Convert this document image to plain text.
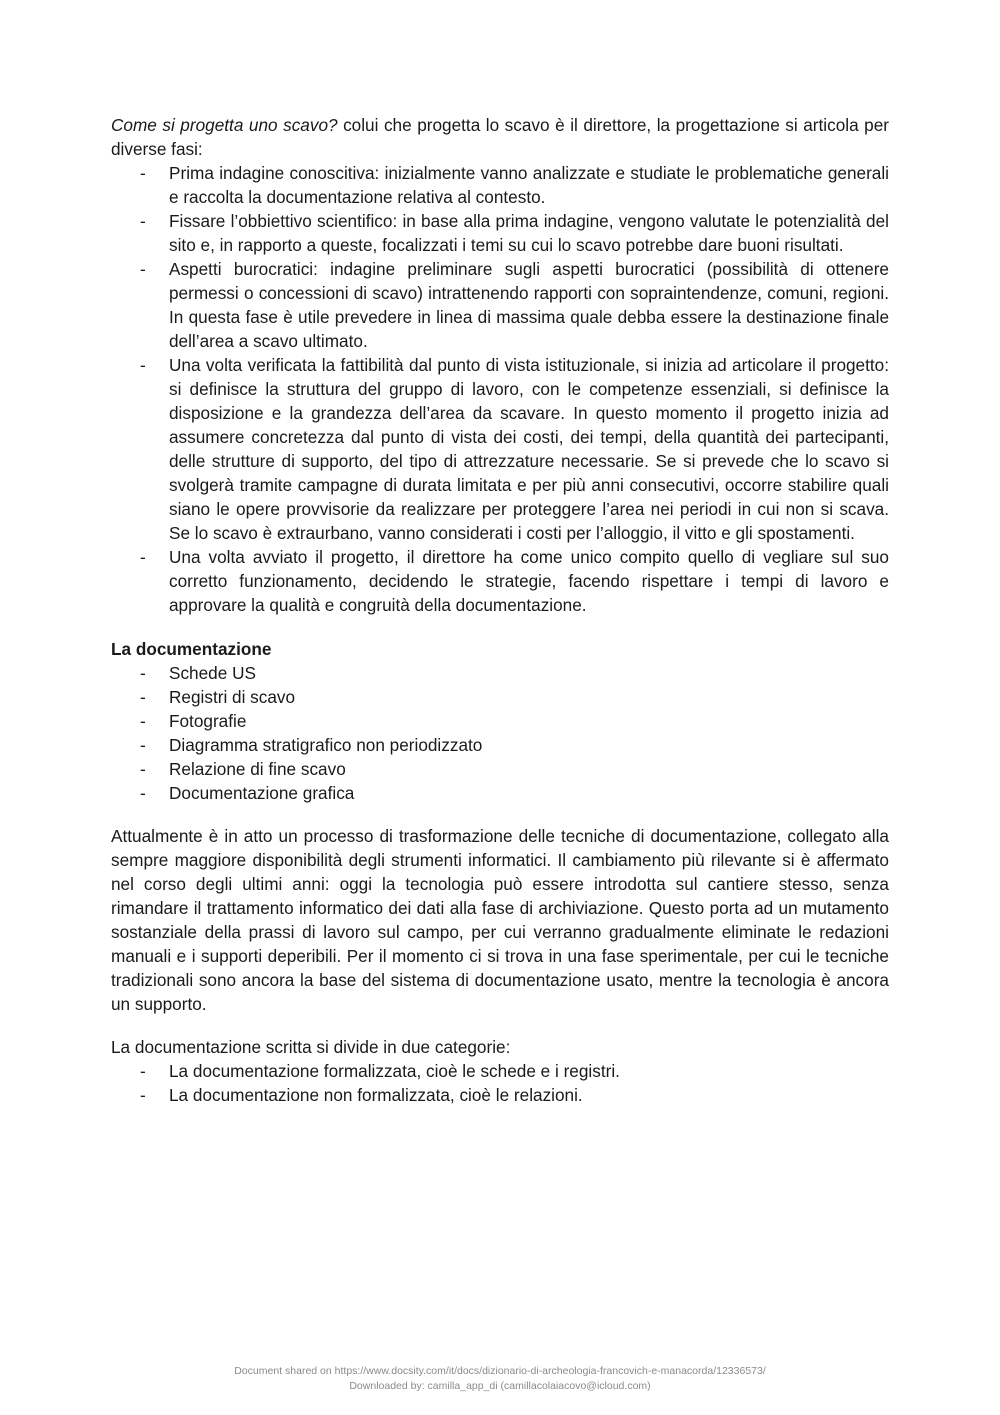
Come si progetta uno scavo? colui che progetta lo scavo è il direttore, la progettazione si articola per diverse fasi:

- Prima indagine conoscitiva: inizialmente vanno analizzate e studiate le problematiche generali e raccolta la documentazione relativa al contesto.
- Fissare l’obbiettivo scientifico: in base alla prima indagine, vengono valutate le potenzialità del sito e, in rapporto a queste, focalizzati i temi su cui lo scavo potrebbe dare buoni risultati.
- Aspetti burocratici: indagine preliminare sugli aspetti burocratici (possibilità di ottenere permessi o concessioni di scavo) intrattenendo rapporti con sopraintendenze, comuni, regioni. In questa fase è utile prevedere in linea di massima quale debba essere la destinazione finale dell’area a scavo ultimato.
- Una volta verificata la fattibilità dal punto di vista istituzionale, si inizia ad articolare il progetto: si definisce la struttura del gruppo di lavoro, con le competenze essenziali, si definisce la disposizione e la grandezza dell’area da scavare. In questo momento il progetto inizia ad assumere concretezza dal punto di vista dei costi, dei tempi, della quantità dei partecipanti, delle strutture di supporto, del tipo di attrezzature necessarie. Se si prevede che lo scavo si svolgerà tramite campagne di durata limitata e per più anni consecutivi, occorre stabilire quali siano le opere provvisorie da realizzare per proteggere l’area nei periodi in cui non si scava. Se lo scavo è extraurbano, vanno considerati i costi per l’alloggio, il vitto e gli spostamenti.
- Una volta avviato il progetto, il direttore ha come unico compito quello di vegliare sul suo corretto funzionamento, decidendo le strategie, facendo rispettare i tempi di lavoro e approvare la qualità e congruità della documentazione.

La documentazione

- Schede US
- Registri di scavo
- Fotografie
- Diagramma stratigrafico non periodizzato
- Relazione di fine scavo
- Documentazione grafica

Attualmente è in atto un processo di trasformazione delle tecniche di documentazione, collegato alla sempre maggiore disponibilità degli strumenti informatici. Il cambiamento più rilevante si è affermato nel corso degli ultimi anni: oggi la tecnologia può essere introdotta sul cantiere stesso, senza rimandare il trattamento informatico dei dati alla fase di archiviazione. Questo porta ad un mutamento sostanziale della prassi di lavoro sul campo, per cui verranno gradualmente eliminate le redazioni manuali e i supporti deperibili. Per il momento ci si trova in una fase sperimentale, per cui le tecniche tradizionali sono ancora la base del sistema di documentazione usato, mentre la tecnologia è ancora un supporto.

La documentazione scritta si divide in due categorie:

- La documentazione formalizzata, cioè le schede e i registri.
- La documentazione non formalizzata, cioè le relazioni.
Document shared on https://www.docsity.com/it/docs/dizionario-di-archeologia-francovich-e-manacorda/12336573/
Downloaded by: camilla_app_di (camillacolaiacovo@icloud.com)
